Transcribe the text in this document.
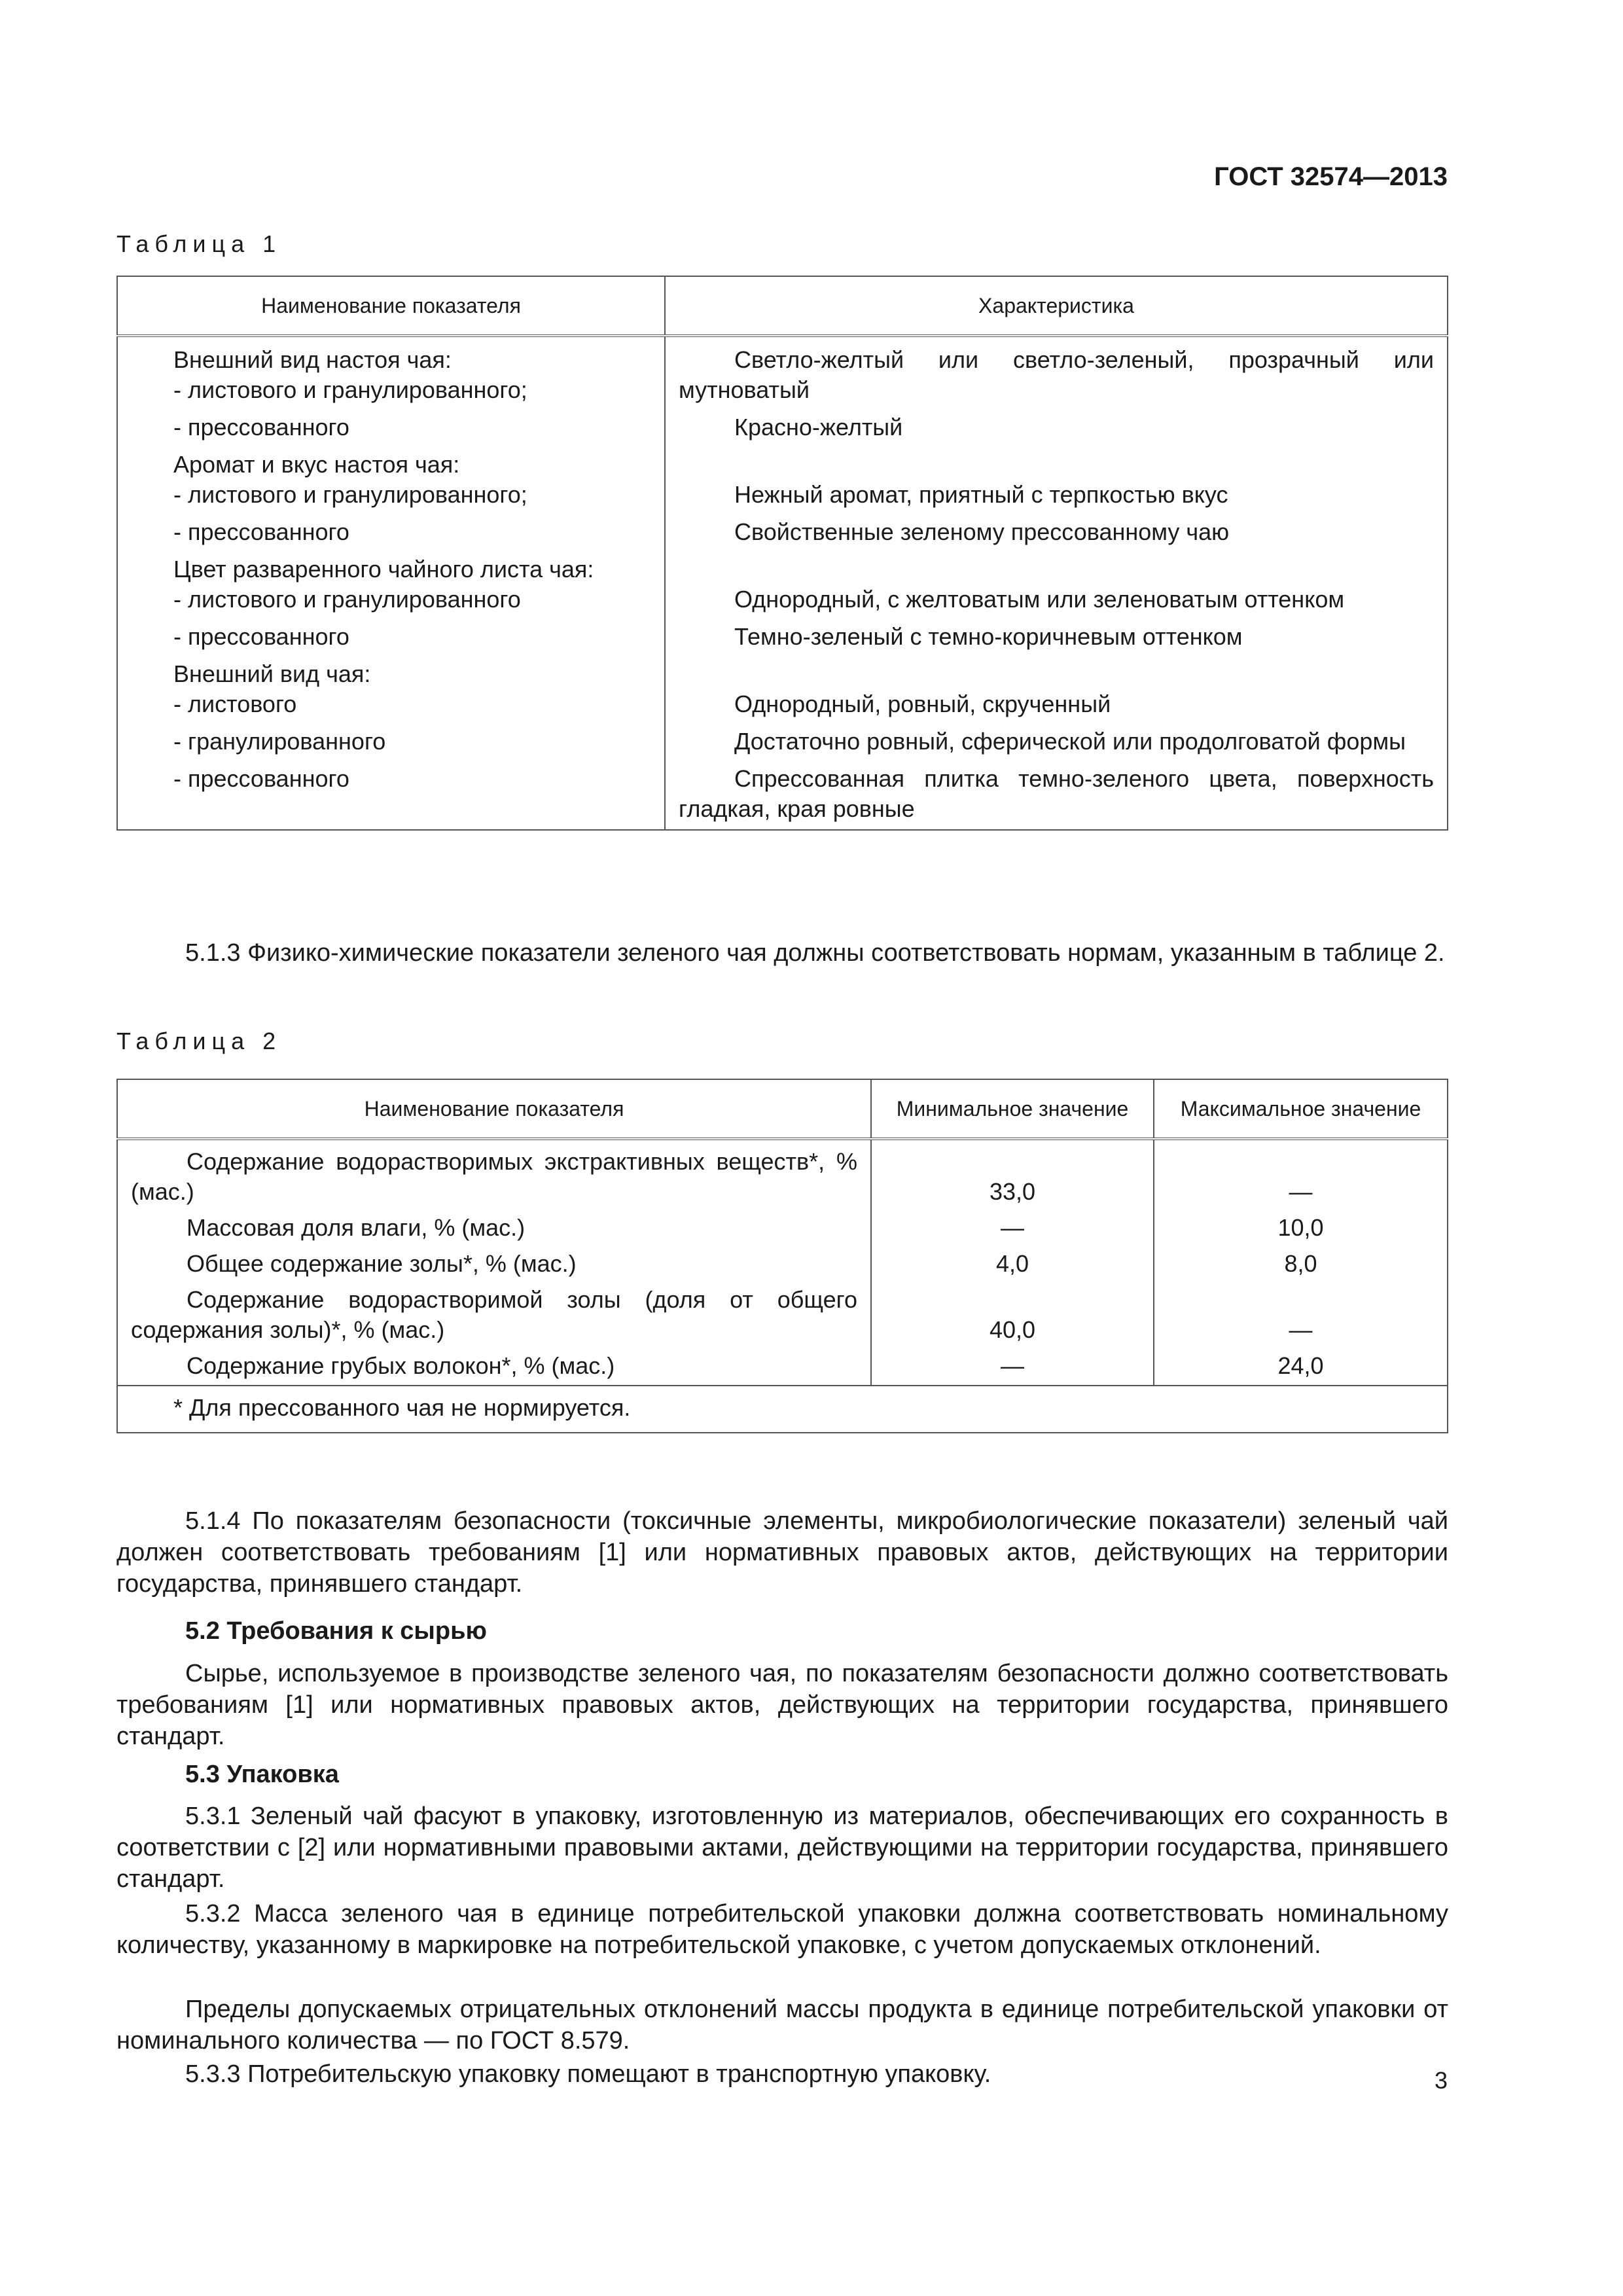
ГОСТ 32574—2013
Таблица 1
Наименование показателя	Характеристика

Внешний вид настоя чая:
- листового и гранулированного;	Светло-желтый или светло-зеленый, прозрачный или мутноватый

- прессованного	Красно-желтый

Аромат и вкус настоя чая:
- листового и гранулированного;	Нежный аромат, приятный с терпкостью вкус

- прессованного	Свойственные зеленому прессованному чаю

Цвет разваренного чайного листа чая:
- листового и гранулированного	Однородный, с желтоватым или зеленоватым оттенком

- прессованного	Темно-зеленый с темно-коричневым оттенком

Внешний вид чая:
- листового	Однородный, ровный, скрученный

- гранулированного	Достаточно ровный, сферической или продолговатой формы

- прессованного	Спрессованная плитка темно-зеленого цвета, поверхность гладкая, края ровные

5.1.3 Физико-химические показатели зеленого чая должны соответствовать нормам, указанным в таблице 2.

Таблица 2
Наименование показателя	Минимальное значение	Максимальное значение
Содержание водорастворимых экстрактивных веществ*, % (мас.)	33,0	—
Массовая доля влаги, % (мас.)	—	10,0
Общее содержание золы*, % (мас.)	4,0	8,0
Содержание водорастворимой золы (доля от общего содержания золы)*, % (мас.)	40,0	—
Содержание грубых волокон*, % (мас.)	—	24,0
* Для прессованного чая не нормируется.		

5.1.4 По показателям безопасности (токсичные элементы, микробиологические показатели) зеленый чай должен соответствовать требованиям [1] или нормативных правовых актов, действующих на территории государства, принявшего стандарт.

5.2 Требования к сырью

Сырье, используемое в производстве зеленого чая, по показателям безопасности должно соответствовать требованиям [1] или нормативных правовых актов, действующих на территории государства, принявшего стандарт.

5.3 Упаковка

5.3.1 Зеленый чай фасуют в упаковку, изготовленную из материалов, обеспечивающих его сохранность в соответствии с [2] или нормативными правовыми актами, действующими на территории государства, принявшего стандарт.

5.3.2 Масса зеленого чая в единице потребительской упаковки должна соответствовать номинальному количеству, указанному в маркировке на потребительской упаковке, с учетом допускаемых отклонений.

Пределы допускаемых отрицательных отклонений массы продукта в единице потребительской упаковки от номинального количества — по ГОСТ 8.579.

5.3.3 Потребительскую упаковку помещают в транспортную упаковку.	3
